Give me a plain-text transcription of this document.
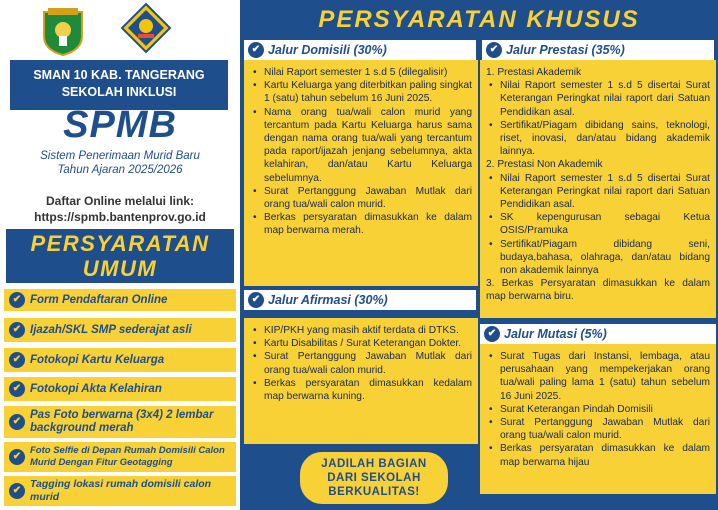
SMAN 10 KAB. TANGERANG
SEKOLAH INKLUSI
SPMB
Sistem Penerimaan Murid Baru
Tahun Ajaran 2025/2026
Daftar Online melalui link:
https://spmb.bantenprov.go.id
PERSYARATAN
UMUM
✔ Form Pendaftaran Online
✔ Ijazah/SKL SMP sederajat asli
✔ Fotokopi Kartu Keluarga
✔ Fotokopi Akta Kelahiran
✔
Pas Foto berwarna (3x4) 2 lembar background merah
✔
Foto Selfie di Depan Rumah Domisili Calon Murid Dengan Fitur Geotagging
✔
Tagging lokasi rumah domisili calon murid
PERSYARATAN KHUSUS
✔ Jalur Domisili (30%)
• Nilai Raport semester 1 s.d 5 (dilegalisir)
• Kartu Keluarga yang diterbitkan paling singkat 1 (satu) tahun sebelum 16 Juni 2025.
• Nama orang tua/wali calon murid yang tercantum pada Kartu Keluarga harus sama dengan nama orang tua/wali yang tercantum pada raport/ijazah jenjang sebelumnya, akta kelahiran, dan/atau Kartu Keluarga sebelumnya.
• Surat Pertanggung Jawaban Mutlak dari orang tua/wali calon murid.
• Berkas persyaratan dimasukkan ke dalam map berwarna merah.
✔ Jalur Prestasi (35%)
1. Prestasi Akademik
• Nilai Raport semester 1 s.d 5 disertai Surat Keterangan Peringkat nilai raport dari Satuan Pendidikan asal.
• Sertifikat/Piagam dibidang sains, teknologi, riset, inovasi, dan/atau bidang akademik lainnya.
2. Prestasi Non Akademik
• Nilai Raport semester 1 s.d 5 disertai Surat Keterangan Peringkat nilai raport dari Satuan Pendidikan asal.
• SK kepengurusan sebagai Ketua OSIS/Pramuka
• Sertifikat/Piagam dibidang seni, budaya,bahasa, olahraga, dan/atau bidang non akademik lainnya
3. Berkas Persyaratan dimasukkan ke dalam map berwarna biru.
✔ Jalur Afirmasi (30%)
• KIP/PKH yang masih aktif terdata di DTKS.
• Kartu Disabilitas / Surat Keterangan Dokter.
• Surat Pertanggung Jawaban Mutlak dari orang tua/wali calon murid.
• Berkas persyaratan dimasukkan kedalam map berwarna kuning.
✔ Jalur Mutasi (5%)
• Surat Tugas dari Instansi, lembaga, atau perusahaan yang mempekerjakan orang tua/wali paling lama 1 (satu) tahun sebelum 16 Juni 2025.
• Surat Keterangan Pindah Domisili
• Surat Pertanggung Jawaban Mutlak dari orang tua/wali calon murid.
• Berkas persyaratan dimasukkan ke dalam map berwarna hijau
JADILAH BAGIAN
DARI SEKOLAH
BERKUALITAS!
